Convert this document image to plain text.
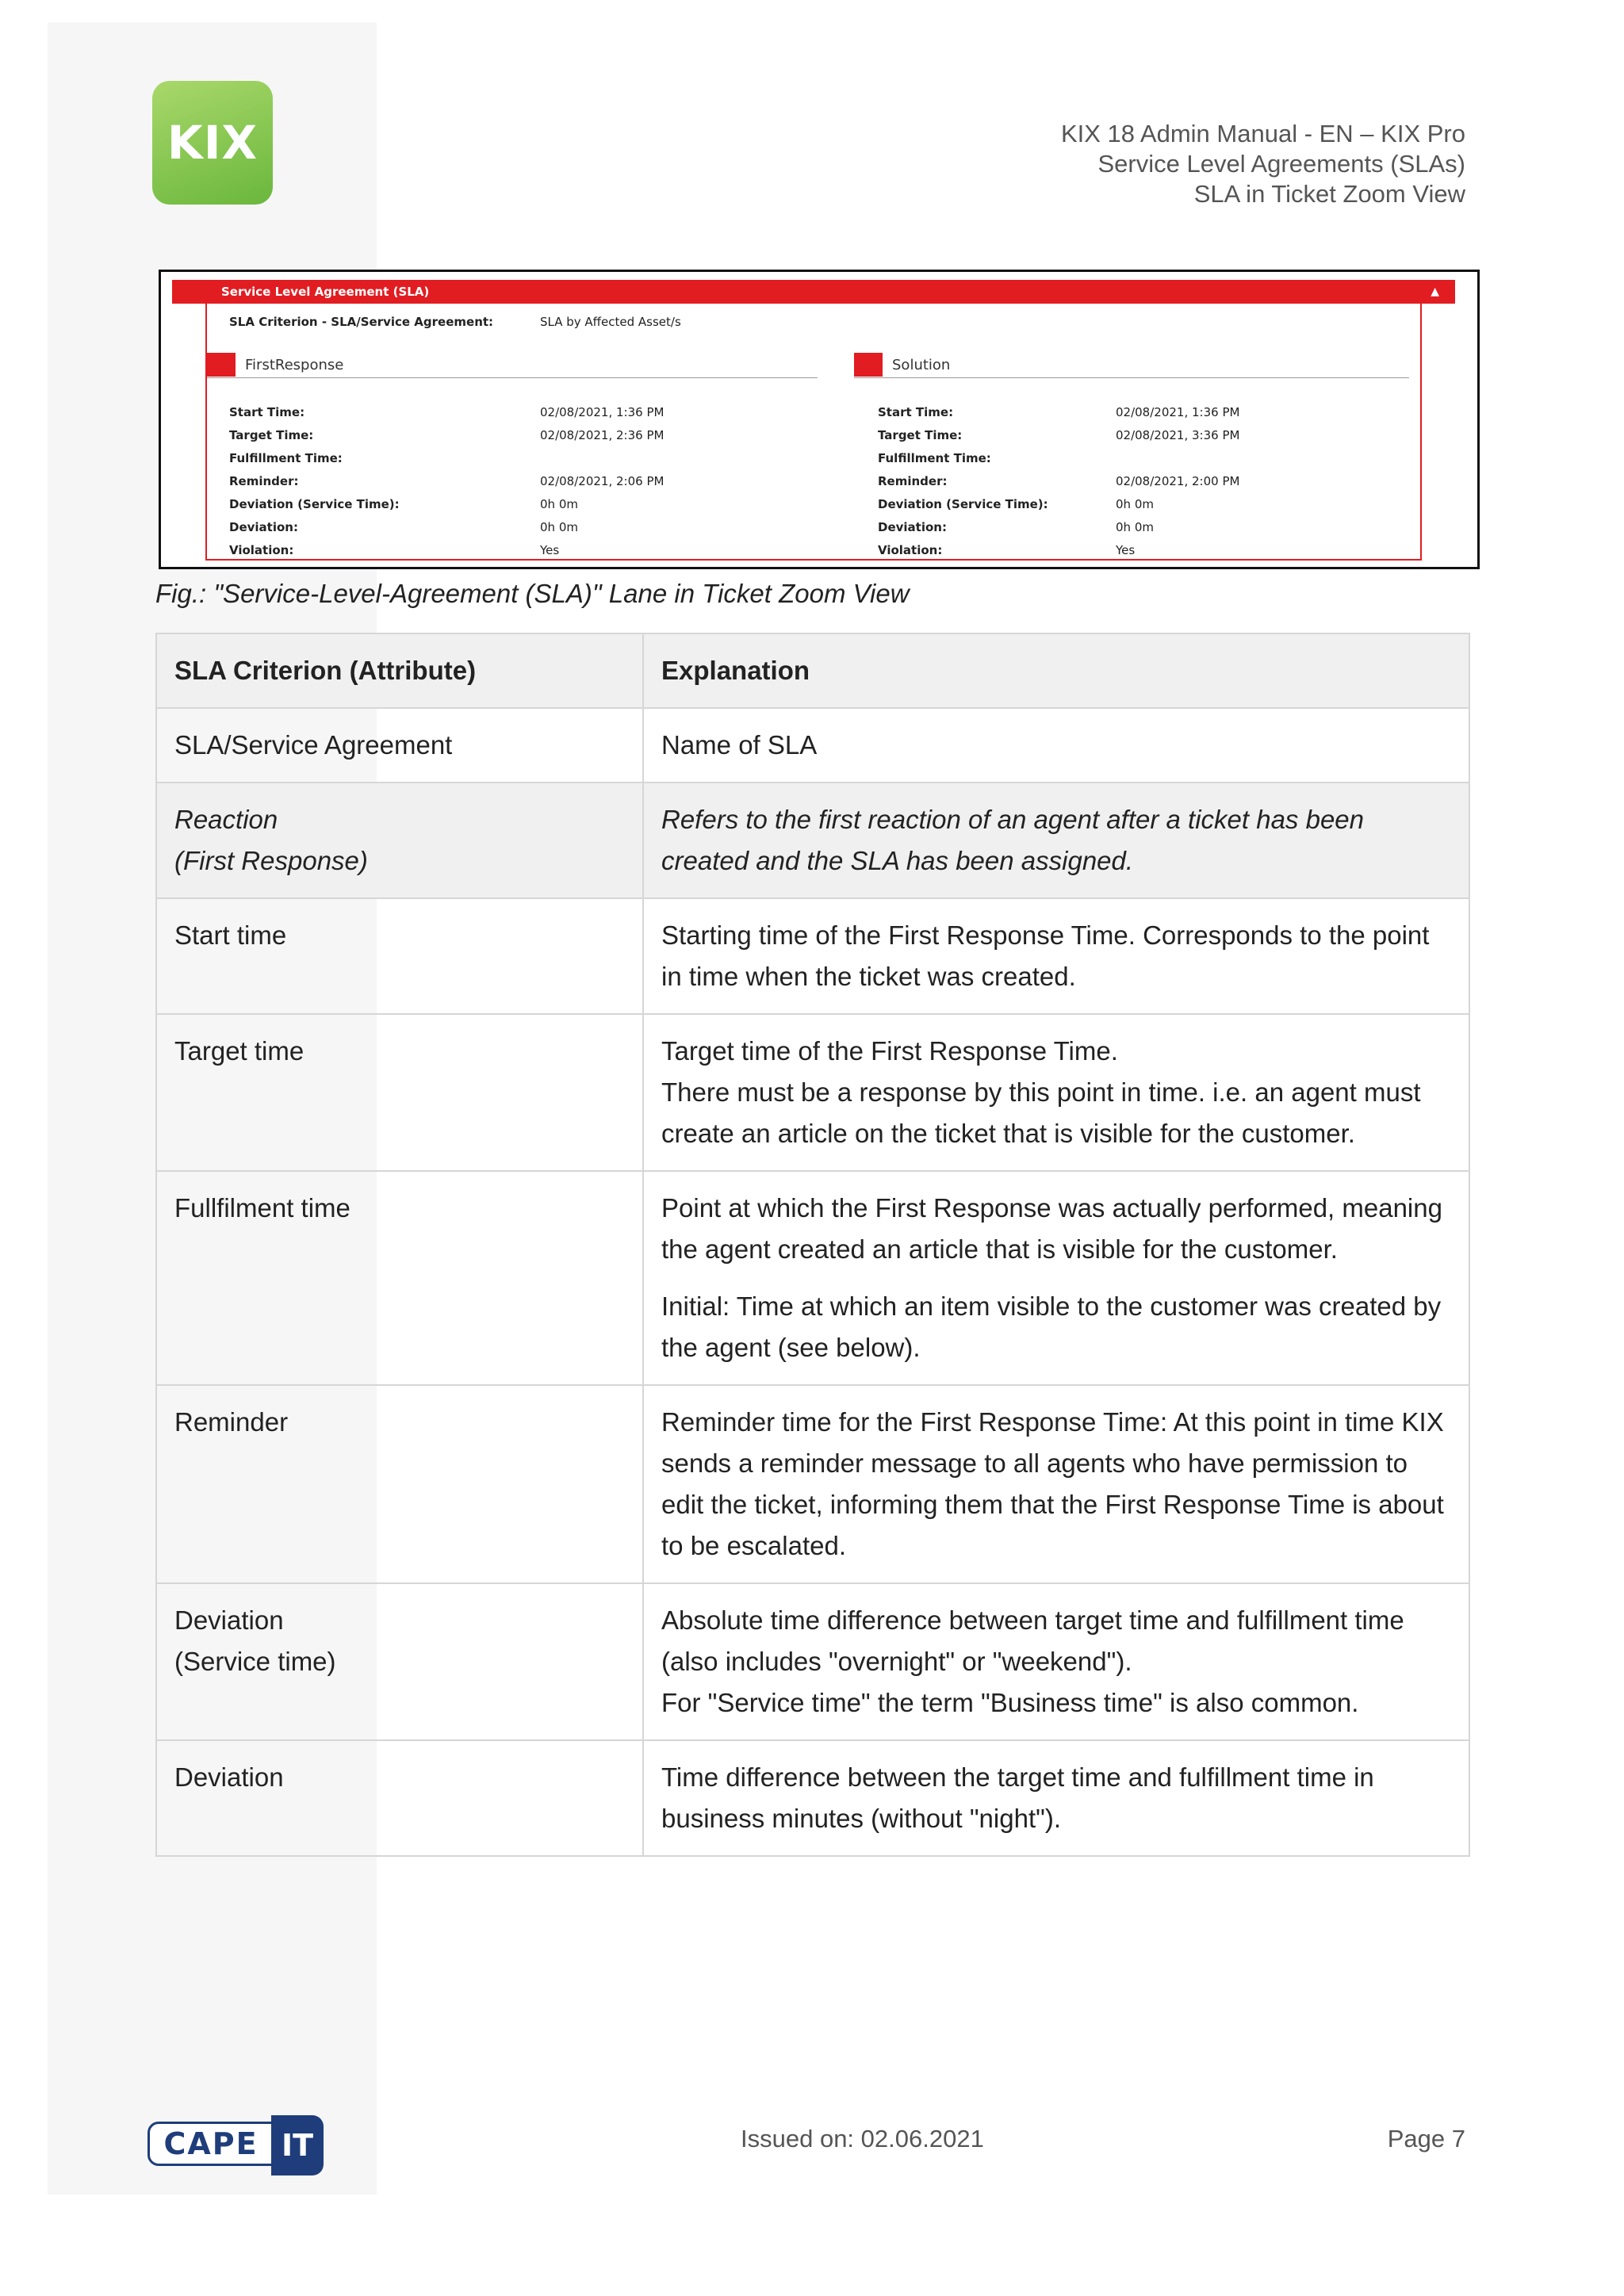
KIX	KIX 18 Admin Manual - EN – KIX Pro
Service Level Agreements (SLAs)
SLA in Ticket Zoom View
Service Level Agreement (SLA)	▲
SLA Criterion - SLA/Service Agreement:	SLA by Affected Asset/s
FirstResponse
Start Time:	02/08/2021, 1:36 PM
Target Time:	02/08/2021, 2:36 PM
Fulfillment Time:
Reminder:	02/08/2021, 2:06 PM
Deviation (Service Time):	0h 0m
Deviation:	0h 0m
Violation:	Yes
Solution
Start Time:	02/08/2021, 1:36 PM
Target Time:	02/08/2021, 3:36 PM
Fulfillment Time:
Reminder:	02/08/2021, 2:00 PM
Deviation (Service Time):	0h 0m
Deviation:	0h 0m
Violation:	Yes
Fig.: "Service-Level-Agreement (SLA)" Lane in Ticket Zoom View
SLA Criterion (Attribute)	Explanation
SLA/Service Agreement	Name of SLA

Reaction
(First Response)	Refers to the first reaction of an agent after a ticket has been created and the SLA has been assigned.

Start time	Starting time of the First Response Time. Corresponds to the point in time when the ticket was created.

Target time	Target time of the First Response Time.
There must be a response by this point in time. i.e. an agent must create an article on the ticket that is visible for the customer.

Fullfilment time	Point at which the First Response was actually performed, meaning the agent created an article that is visible for the customer.
Initial: Time at which an item visible to the customer was created by the agent (see below).

Reminder	Reminder time for the First Response Time: At this point in time KIX sends a reminder message to all agents who have permission to edit the ticket, informing them that the First Response Time is about to be escalated.

Deviation
(Service time)	Absolute time difference between target time and fulfillment time (also includes "overnight" or "weekend").
For "Service time" the term "Business time" is also common.

Deviation	Time difference between the target time and fulfillment time in business minutes (without "night").
CAPE IT	Issued on: 02.06.2021	Page 7
